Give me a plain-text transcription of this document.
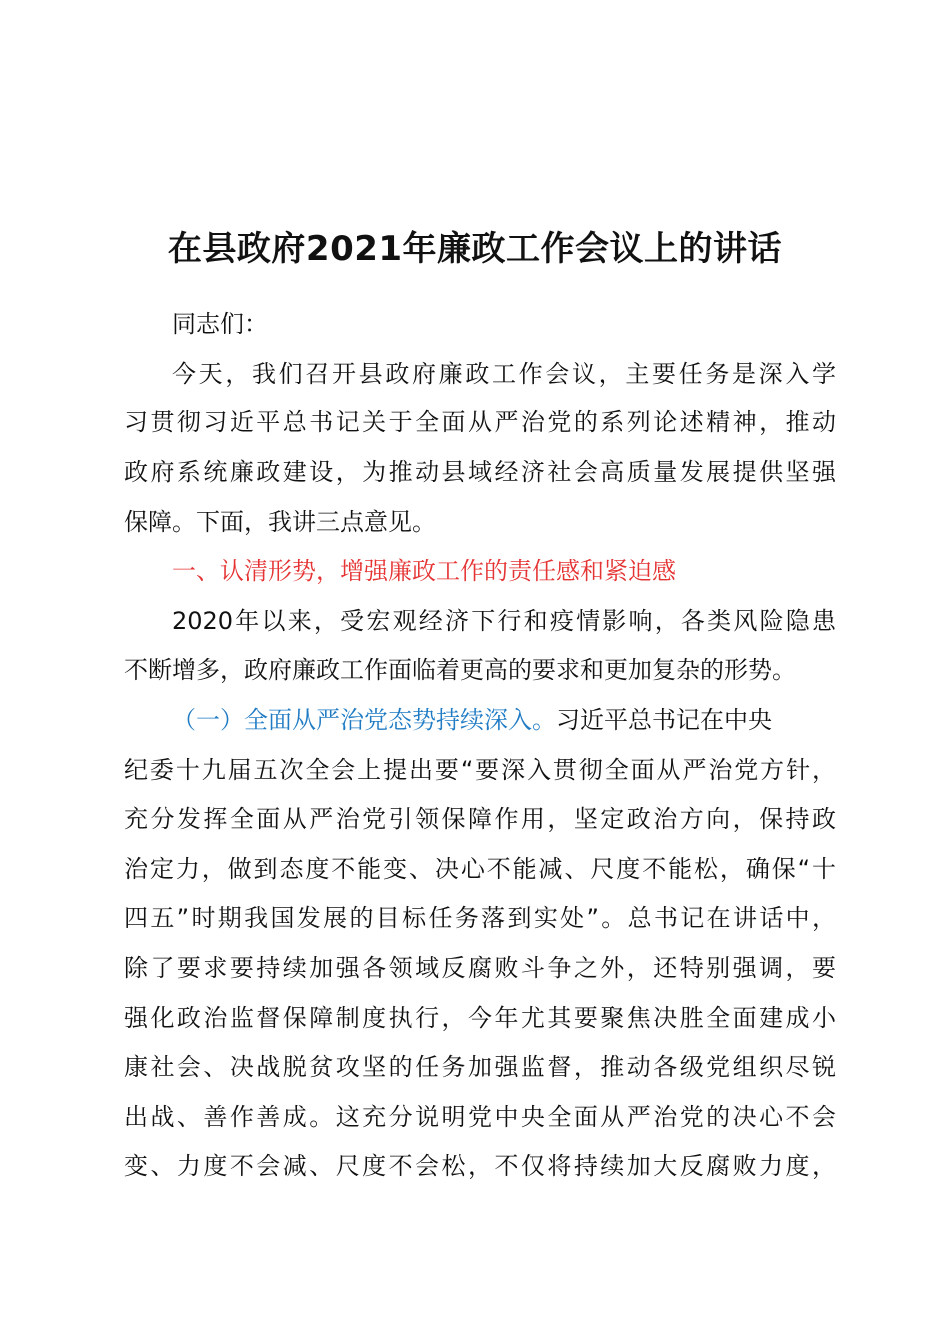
在县政府2021年廉政工作会议上的讲话

同志们：

今天，我们召开县政府廉政工作会议，主要任务是深入学

习贯彻习近平总书记关于全面从严治党的系列论述精神，推动

政府系统廉政建设，为推动县域经济社会高质量发展提供坚强

保障。下面，我讲三点意见。

一、认清形势，增强廉政工作的责任感和紧迫感

2020年以来，受宏观经济下行和疫情影响，各类风险隐患

不断增多，政府廉政工作面临着更高的要求和更加复杂的形势。

（一）全面从严治党态势持续深入。习近平总书记在中央

纪委十九届五次全会上提出要“要深入贯彻全面从严治党方针，

充分发挥全面从严治党引领保障作用，坚定政治方向，保持政

治定力，做到态度不能变、决心不能减、尺度不能松，确保“十

四五”时期我国发展的目标任务落到实处”。总书记在讲话中，

除了要求要持续加强各领域反腐败斗争之外，还特别强调，要

强化政治监督保障制度执行，今年尤其要聚焦决胜全面建成小

康社会、决战脱贫攻坚的任务加强监督，推动各级党组织尽锐

出战、善作善成。这充分说明党中央全面从严治党的决心不会

变、力度不会减、尺度不会松，不仅将持续加大反腐败力度，
